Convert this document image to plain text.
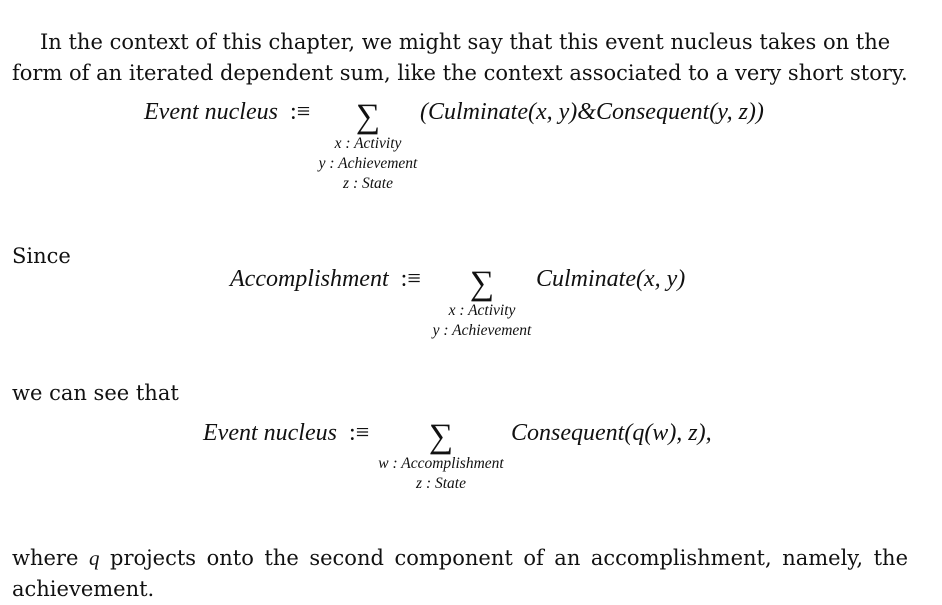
In the context of this chapter, we might say that this event nucleus takes on the form of an iterated dependent sum, like the context associated to a very short story.

Event nucleus :≡	∑
x : Activity
y : Achievement
z : State
(Culminate(x, y)&Consequent(y, z))

Since

Accomplishment :≡	∑
x : Activity
y : Achievement
Culminate(x, y)

we can see that

Event nucleus :≡	∑
w : Accomplishment
z : State
Consequent(q(w), z),

where q projects onto the second component of an accomplishment, namely, the achievement.
